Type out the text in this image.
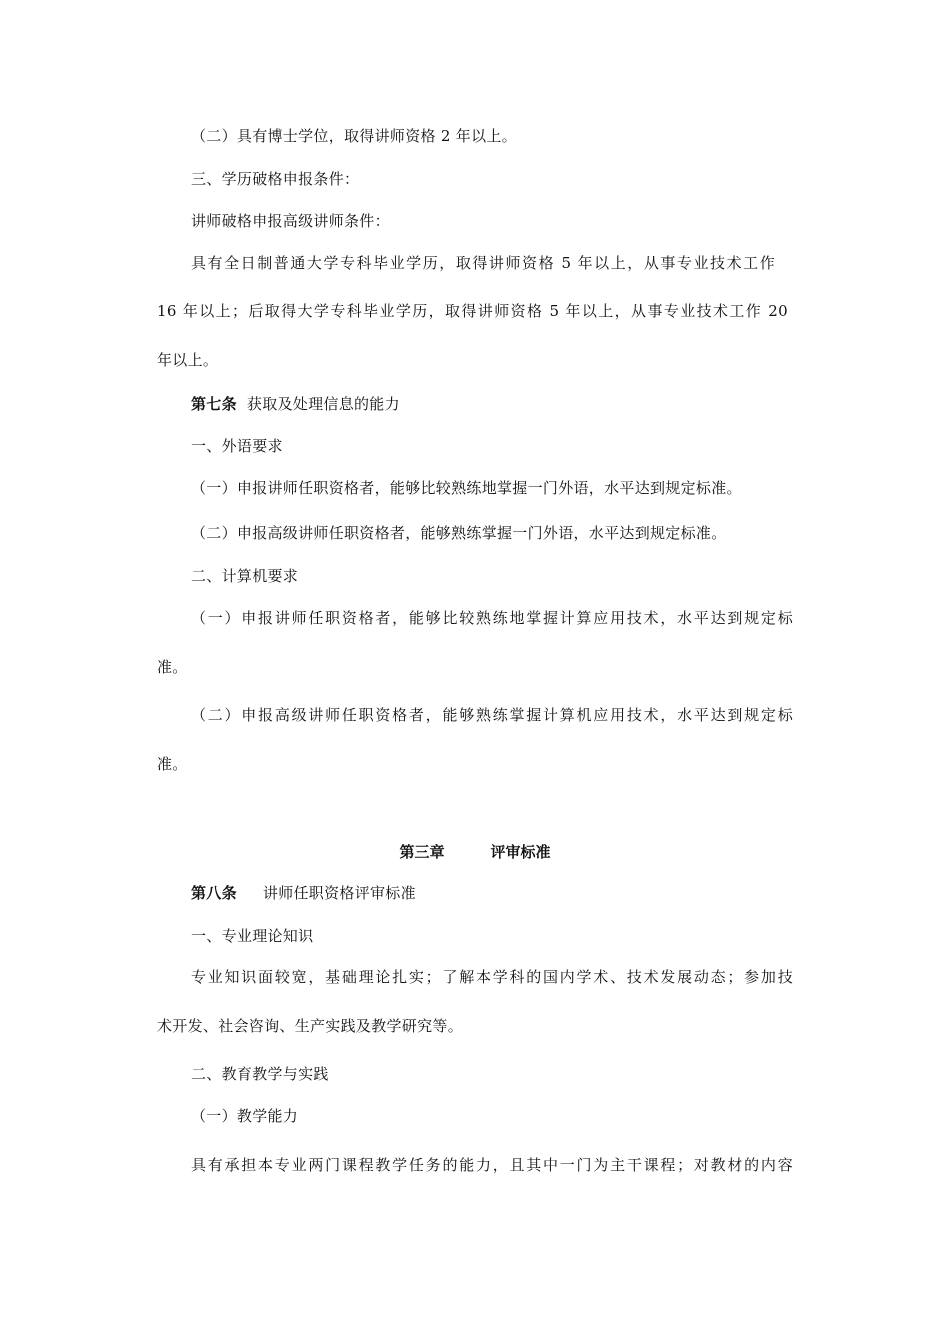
（二）具有博士学位，取得讲师资格 2 年以上。
三、学历破格申报条件：
讲师破格申报高级讲师条件：
具有全日制普通大学专科毕业学历，取得讲师资格 5 年以上，从事专业技术工作
16 年以上；后取得大学专科毕业学历，取得讲师资格 5 年以上，从事专业技术工作 20
年以上。
第七条 获取及处理信息的能力
一、外语要求
（一）申报讲师任职资格者，能够比较熟练地掌握一门外语，水平达到规定标准。
（二）申报高级讲师任职资格者，能够熟练掌握一门外语，水平达到规定标准。
二、计算机要求
（一）申报讲师任职资格者，能够比较熟练地掌握计算应用技术，水平达到规定标
准。
（二）申报高级讲师任职资格者，能够熟练掌握计算机应用技术，水平达到规定标
准。
第三章	评审标准
第八条 讲师任职资格评审标准
一、专业理论知识
专业知识面较宽，基础理论扎实；了解本学科的国内学术、技术发展动态；参加技
术开发、社会咨询、生产实践及教学研究等。
二、教育教学与实践
（一）教学能力
具有承担本专业两门课程教学任务的能力，且其中一门为主干课程；对教材的内容
